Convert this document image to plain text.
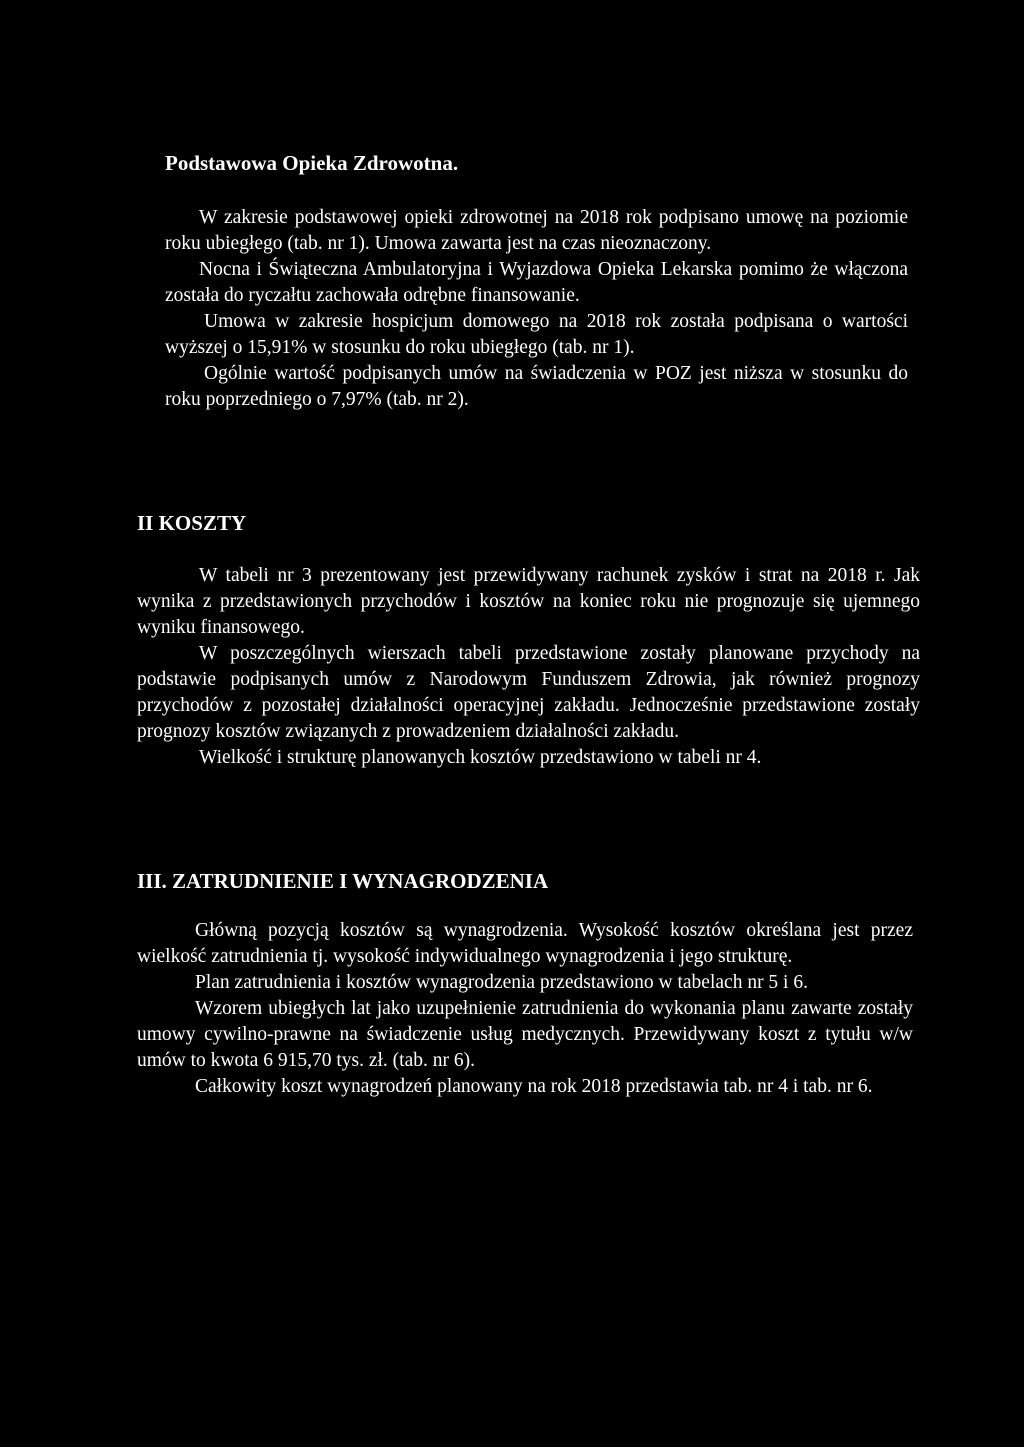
Podstawowa Opieka Zdrowotna.

W zakresie podstawowej opieki zdrowotnej na 2018 rok podpisano umowę na poziomie roku ubiegłego (tab. nr 1). Umowa zawarta jest na czas nieoznaczony.

Nocna i Świąteczna Ambulatoryjna i Wyjazdowa Opieka Lekarska pomimo że włączona została do ryczałtu zachowała odrębne finansowanie.

Umowa w zakresie hospicjum domowego na 2018 rok została podpisana o wartości wyższej o 15,91% w stosunku do roku ubiegłego (tab. nr 1).

Ogólnie wartość podpisanych umów na świadczenia w POZ jest niższa w stosunku do roku poprzedniego o 7,97% (tab. nr 2).

II KOSZTY

W tabeli nr 3 prezentowany jest przewidywany rachunek zysków i strat na 2018 r. Jak wynika z przedstawionych przychodów i kosztów na koniec roku nie prognozuje się ujemnego wyniku finansowego.

W poszczególnych wierszach tabeli przedstawione zostały planowane przychody na podstawie podpisanych umów z Narodowym Funduszem Zdrowia, jak również prognozy przychodów z pozostałej działalności operacyjnej zakładu. Jednocześnie przedstawione zostały prognozy kosztów związanych z prowadzeniem działalności zakładu.

Wielkość i strukturę planowanych kosztów przedstawiono w tabeli nr 4.

III. ZATRUDNIENIE I WYNAGRODZENIA

Główną pozycją kosztów są wynagrodzenia. Wysokość kosztów określana jest przez wielkość zatrudnienia tj. wysokość indywidualnego wynagrodzenia i jego strukturę.

Plan zatrudnienia i kosztów wynagrodzenia przedstawiono w tabelach nr 5 i 6.

Wzorem ubiegłych lat jako uzupełnienie zatrudnienia do wykonania planu zawarte zostały umowy cywilno-prawne na świadczenie usług medycznych. Przewidywany koszt z tytułu w/w umów to kwota 6 915,70 tys. zł. (tab. nr 6).

Całkowity koszt wynagrodzeń planowany na rok 2018 przedstawia tab. nr 4 i tab. nr 6.
